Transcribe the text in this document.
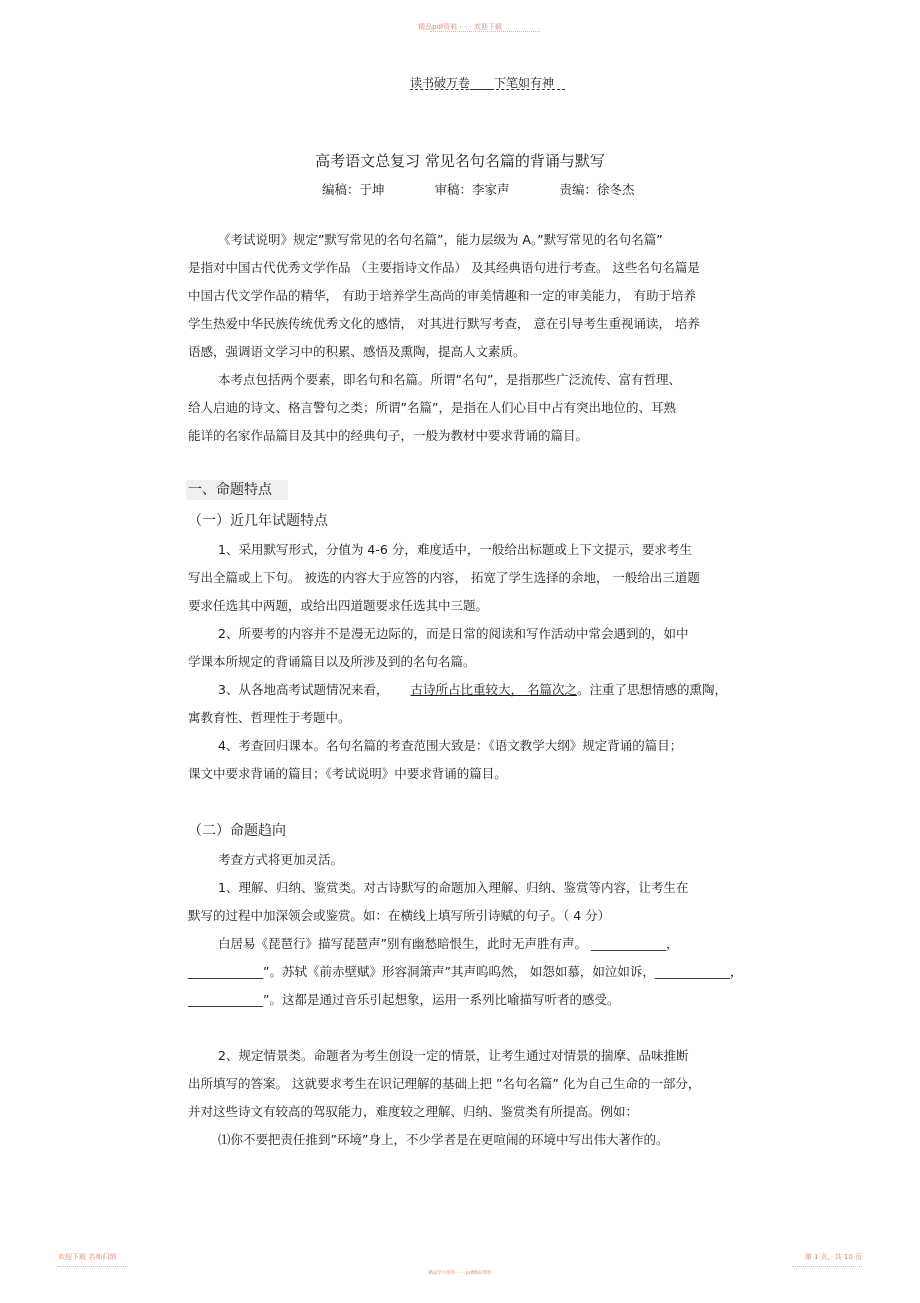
精品pdf资料 - - - 欢迎下载
读书破万卷____下笔如有神
高考语文总复习 常见名句名篇的背诵与默写
编稿：于坤	审稿：李家声	责编：徐冬杰
《考试说明》规定”默写常见的名句名篇”，能力层级为 A。”默写常见的名句名篇”
是指对中国古代优秀文学作品 （主要指诗文作品） 及其经典语句进行考查。 这些名句名篇是
中国古代文学作品的精华， 有助于培养学生高尚的审美情趣和一定的审美能力， 有助于培养
学生热爱中华民族传统优秀文化的感情， 对其进行默写考查， 意在引导考生重视诵读， 培养
语感，强调语文学习中的积累、感悟及熏陶，提高人文素质。
本考点包括两个要素，即名句和名篇。所谓”名句”，是指那些广泛流传、富有哲理、
给人启迪的诗文、格言警句之类；所谓”名篇”，是指在人们心目中占有突出地位的、耳熟
能详的名家作品篇目及其中的经典句子，一般为教材中要求背诵的篇目。
一、命题特点
（一）近几年试题特点
1、采用默写形式，分值为 4-6 分，难度适中，一般给出标题或上下文提示，要求考生
写出全篇或上下句。 被选的内容大于应答的内容， 拓宽了学生选择的余地， 一般给出三道题
要求任选其中两题，或给出四道题要求任选其中三题。
2、所要考的内容并不是漫无边际的，而是日常的阅读和写作活动中常会遇到的，如中
学课本所规定的背诵篇目以及所涉及到的名句名篇。
3、从各地高考试题情况来看， 古诗所占比重较大， 名篇次之。注重了思想情感的熏陶，
寓教育性、哲理性于考题中。
4、考查回归课本。名句名篇的考查范围大致是：《语文教学大纲》规定背诵的篇目；
课文中要求背诵的篇目；《考试说明》中要求背诵的篇目。
（二）命题趋向
考查方式将更加灵活。
1、理解、归纳、鉴赏类。对古诗默写的命题加入理解、归纳、鉴赏等内容，让考生在
默写的过程中加深领会或鉴赏。如：在横线上填写所引诗赋的句子。（ 4 分）
白居易《琵琶行》描写琵琶声”别有幽愁暗恨生，此时无声胜有声。 ____________，
____________”。苏轼《前赤壁赋》形容洞箫声”其声呜呜然， 如怨如慕，如泣如诉，____________，
____________”。这都是通过音乐引起想象，运用一系列比喻描写听者的感受。
2、规定情景类。命题者为考生创设一定的情景，让考生通过对情景的揣摩、品味推断
出所填写的答案。 这就要求考生在识记理解的基础上把 ”名句名篇” 化为自己生命的一部分，
并对这些诗文有较高的驾驭能力，难度较之理解、归纳、鉴赏类有所提高。例如：
⑴你不要把责任推到”环境”身上，不少学者是在更喧闹的环境中写出伟大著作的。
欢迎下载 名师归纳
精品学习资料 - - - pdf精品资料
第 1 页，共 10 页
